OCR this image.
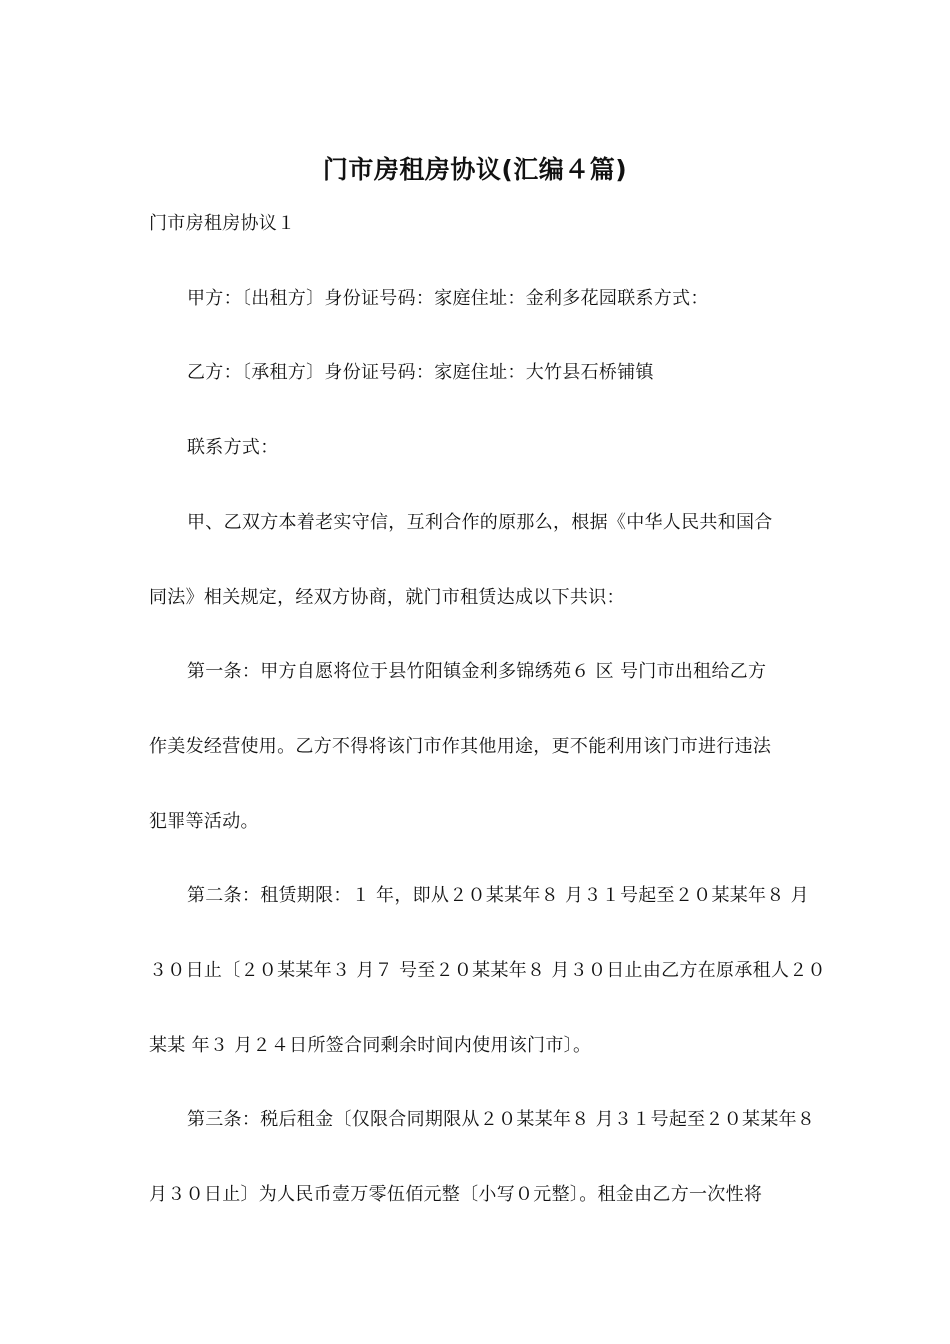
门市房租房协议(汇编４篇)
门市房租房协议１
甲方：〔出租方〕身份证号码：家庭住址：金利多花园联系方式：
乙方：〔承租方〕身份证号码：家庭住址：大竹县石桥铺镇
联系方式：
甲、乙双方本着老实守信，互利合作的原那么，根据《中华人民共和国合
同法》相关规定，经双方协商，就门市租赁达成以下共识：
第一条：甲方自愿将位于县竹阳镇金利多锦绣苑６ 区 号门市出租给乙方
作美发经营使用。乙方不得将该门市作其他用途，更不能利用该门市进行违法
犯罪等活动。
第二条：租赁期限：１ 年，即从２０某某年８ 月３１号起至２０某某年８ 月
３０日止〔２０某某年３ 月７ 号至２０某某年８ 月３０日止由乙方在原承租人２０
某某 年３ 月２４日所签合同剩余时间内使用该门市〕。
第三条：税后租金〔仅限合同期限从２０某某年８ 月３１号起至２０某某年８
月３０日止〕为人民币壹万零伍佰元整〔小写０元整〕。租金由乙方一次性将
